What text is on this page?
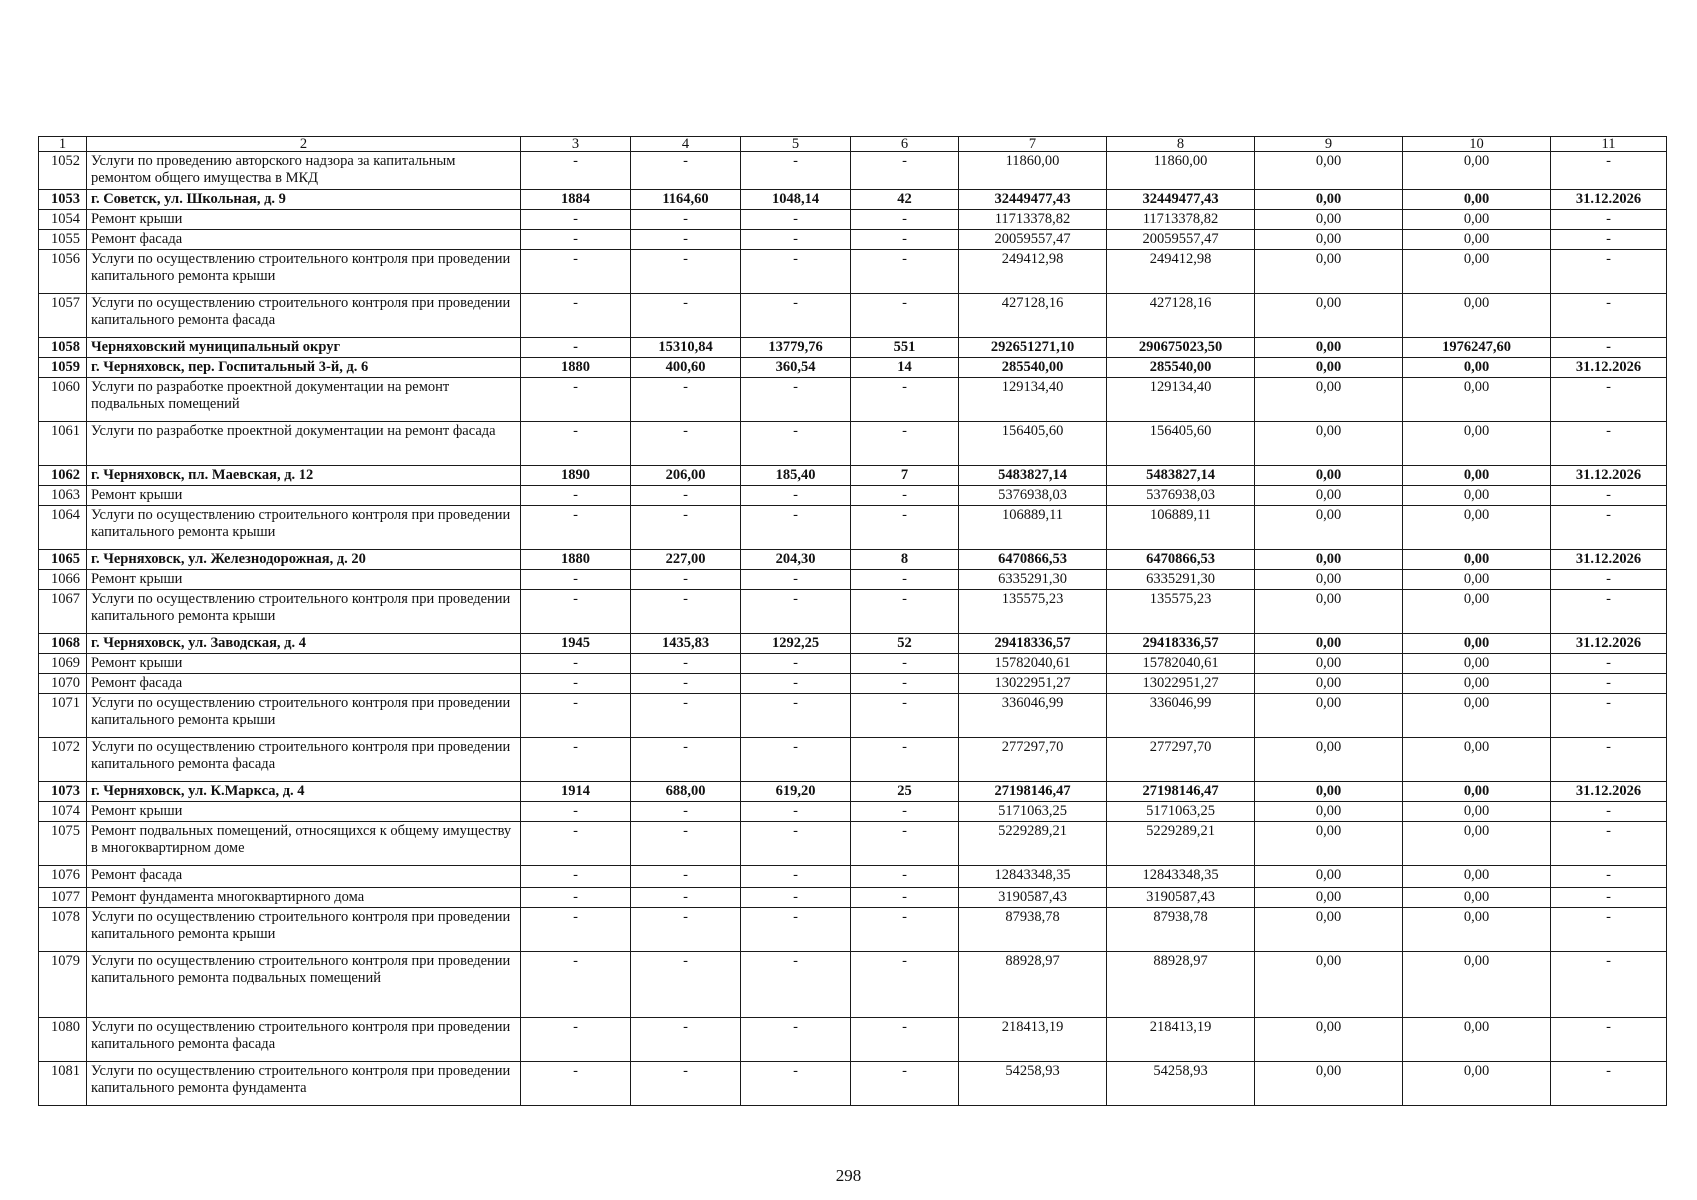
1	2	3	4	5	6	7	8	9	10	11
1052	Услуги по проведению авторского надзора за капитальным ремонтом общего имущества в МКД	-	-	-	-	11860,00	11860,00	0,00	0,00	-
1053	г. Советск, ул. Школьная, д. 9	1884	1164,60	1048,14	42	32449477,43	32449477,43	0,00	0,00	31.12.2026
1054	Ремонт крыши	-	-	-	-	11713378,82	11713378,82	0,00	0,00	-
1055	Ремонт фасада	-	-	-	-	20059557,47	20059557,47	0,00	0,00	-
1056	Услуги по осуществлению строительного контроля при проведении капитального ремонта крыши	-	-	-	-	249412,98	249412,98	0,00	0,00	-
1057	Услуги по осуществлению строительного контроля при проведении капитального ремонта фасада	-	-	-	-	427128,16	427128,16	0,00	0,00	-
1058	Черняховский муниципальный округ	-	15310,84	13779,76	551	292651271,10	290675023,50	0,00	1976247,60	-
1059	г. Черняховск, пер. Госпитальный 3-й, д. 6	1880	400,60	360,54	14	285540,00	285540,00	0,00	0,00	31.12.2026
1060	Услуги по разработке проектной документации на ремонт подвальных помещений	-	-	-	-	129134,40	129134,40	0,00	0,00	-
1061	Услуги по разработке проектной документации на ремонт фасада	-	-	-	-	156405,60	156405,60	0,00	0,00	-
1062	г. Черняховск, пл. Маевская, д. 12	1890	206,00	185,40	7	5483827,14	5483827,14	0,00	0,00	31.12.2026
1063	Ремонт крыши	-	-	-	-	5376938,03	5376938,03	0,00	0,00	-
1064	Услуги по осуществлению строительного контроля при проведении капитального ремонта крыши	-	-	-	-	106889,11	106889,11	0,00	0,00	-
1065	г. Черняховск, ул. Железнодорожная, д. 20	1880	227,00	204,30	8	6470866,53	6470866,53	0,00	0,00	31.12.2026
1066	Ремонт крыши	-	-	-	-	6335291,30	6335291,30	0,00	0,00	-
1067	Услуги по осуществлению строительного контроля при проведении капитального ремонта крыши	-	-	-	-	135575,23	135575,23	0,00	0,00	-
1068	г. Черняховск, ул. Заводская, д. 4	1945	1435,83	1292,25	52	29418336,57	29418336,57	0,00	0,00	31.12.2026
1069	Ремонт крыши	-	-	-	-	15782040,61	15782040,61	0,00	0,00	-
1070	Ремонт фасада	-	-	-	-	13022951,27	13022951,27	0,00	0,00	-
1071	Услуги по осуществлению строительного контроля при проведении капитального ремонта крыши	-	-	-	-	336046,99	336046,99	0,00	0,00	-
1072	Услуги по осуществлению строительного контроля при проведении капитального ремонта фасада	-	-	-	-	277297,70	277297,70	0,00	0,00	-
1073	г. Черняховск, ул. К.Маркса, д. 4	1914	688,00	619,20	25	27198146,47	27198146,47	0,00	0,00	31.12.2026
1074	Ремонт крыши	-	-	-	-	5171063,25	5171063,25	0,00	0,00	-
1075	Ремонт подвальных помещений, относящихся к общему имуществу в многоквартирном доме	-	-	-	-	5229289,21	5229289,21	0,00	0,00	-
1076	Ремонт фасада	-	-	-	-	12843348,35	12843348,35	0,00	0,00	-
1077	Ремонт фундамента многоквартирного дома	-	-	-	-	3190587,43	3190587,43	0,00	0,00	-
1078	Услуги по осуществлению строительного контроля при проведении капитального ремонта крыши	-	-	-	-	87938,78	87938,78	0,00	0,00	-
1079	Услуги по осуществлению строительного контроля при проведении капитального ремонта подвальных помещений	-	-	-	-	88928,97	88928,97	0,00	0,00	-
1080	Услуги по осуществлению строительного контроля при проведении капитального ремонта фасада	-	-	-	-	218413,19	218413,19	0,00	0,00	-
1081	Услуги по осуществлению строительного контроля при проведении капитального ремонта фундамента	-	-	-	-	54258,93	54258,93	0,00	0,00	-
298
